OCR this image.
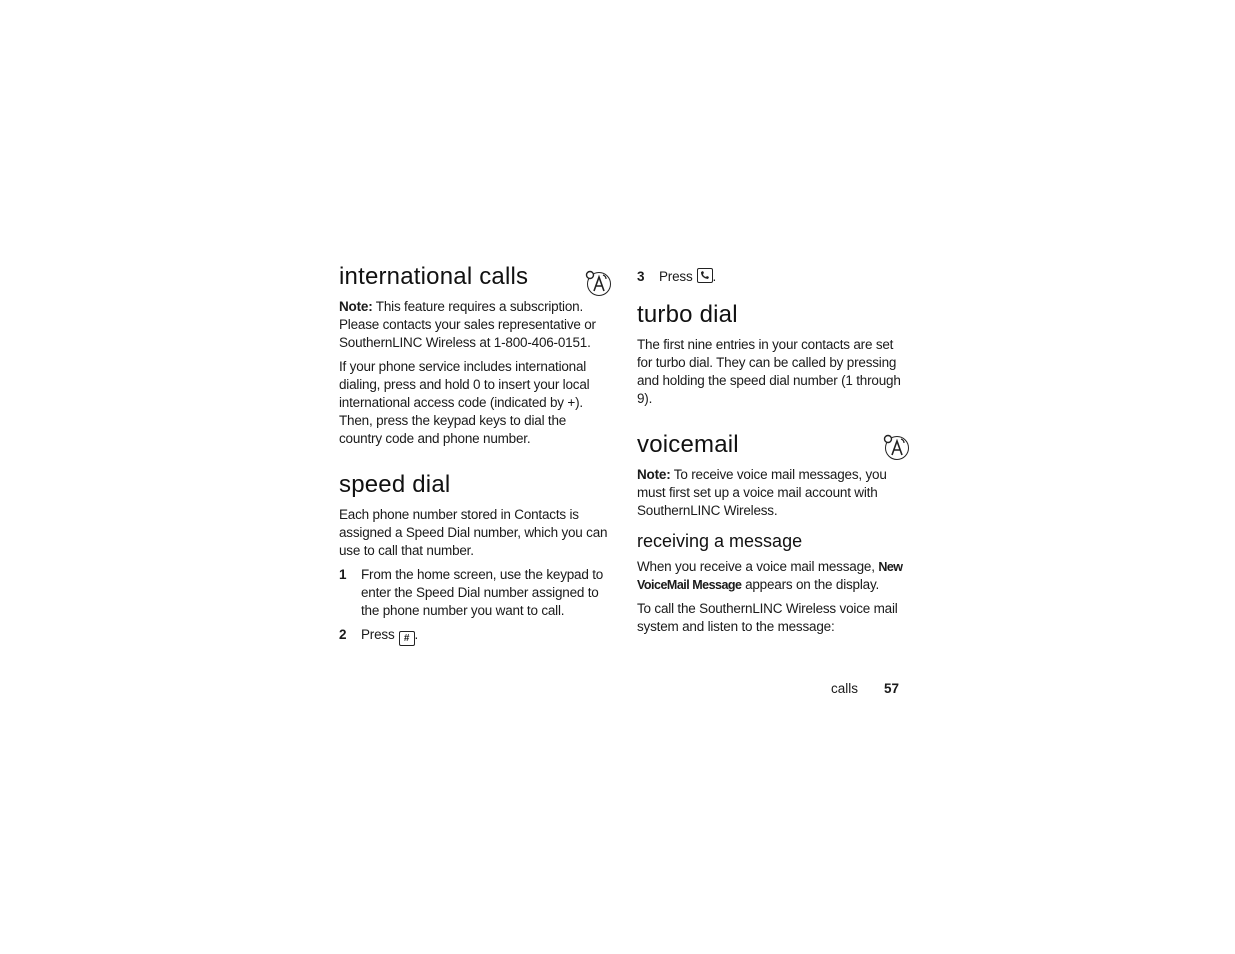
international calls

Note: This feature requires a subscription. Please contacts your sales representative or SouthernLINC Wireless at 1-800-406-0151.

If your phone service includes international dialing, press and hold 0 to insert your local international access code (indicated by +). Then, press the keypad keys to dial the country code and phone number.

speed dial

Each phone number stored in Contacts is assigned a Speed Dial number, which you can use to call that number.

1	From the home screen, use the keypad to enter the Speed Dial number assigned to the phone number you want to call.
2	Press # .
3	Press .
turbo dial

The first nine entries in your contacts are set for turbo dial. They can be called by pressing and holding the speed dial number (1 through 9).

voicemail

Note: To receive voice mail messages, you must first set up a voice mail account with SouthernLINC Wireless.

receiving a message

When you receive a voice mail message, New VoiceMail Message appears on the display.

To call the SouthernLINC Wireless voice mail system and listen to the message:

calls 57
